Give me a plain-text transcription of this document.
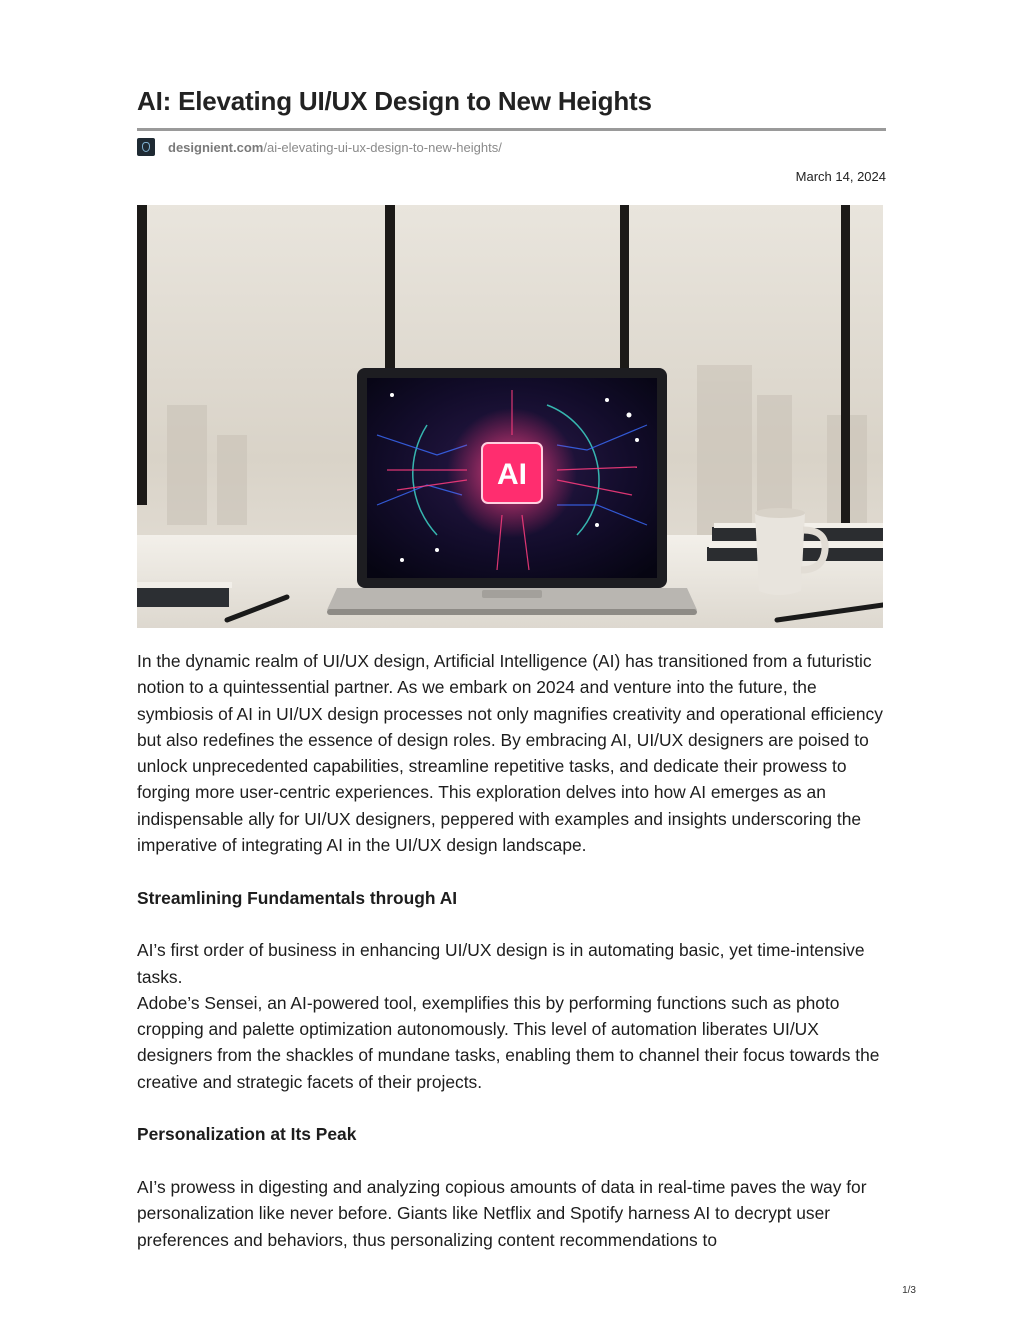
AI: Elevating UI/UX Design to New Heights
designient.com/ai-elevating-ui-ux-design-to-new-heights/
March 14, 2024
AI

In the dynamic realm of UI/UX design, Artificial Intelligence (AI) has transitioned from a futuristic notion to a quintessential partner. As we embark on 2024 and venture into the future, the symbiosis of AI in UI/UX design processes not only magnifies creativity and operational efficiency but also redefines the essence of design roles. By embracing AI, UI/UX designers are poised to unlock unprecedented capabilities, streamline repetitive tasks, and dedicate their prowess to forging more user-centric experiences. This exploration delves into how AI emerges as an indispensable ally for UI/UX designers, peppered with examples and insights underscoring the imperative of integrating AI in the UI/UX design landscape.

Streamlining Fundamentals through AI

AI’s first order of business in enhancing UI/UX design is in automating basic, yet time-intensive tasks.

Adobe’s Sensei, an AI-powered tool, exemplifies this by performing functions such as photo cropping and palette optimization autonomously. This level of automation liberates UI/UX designers from the shackles of mundane tasks, enabling them to channel their focus towards the creative and strategic facets of their projects.

Personalization at Its Peak

AI’s prowess in digesting and analyzing copious amounts of data in real-time paves the way for personalization like never before. Giants like Netflix and Spotify harness AI to decrypt user preferences and behaviors, thus personalizing content recommendations to

1/3
